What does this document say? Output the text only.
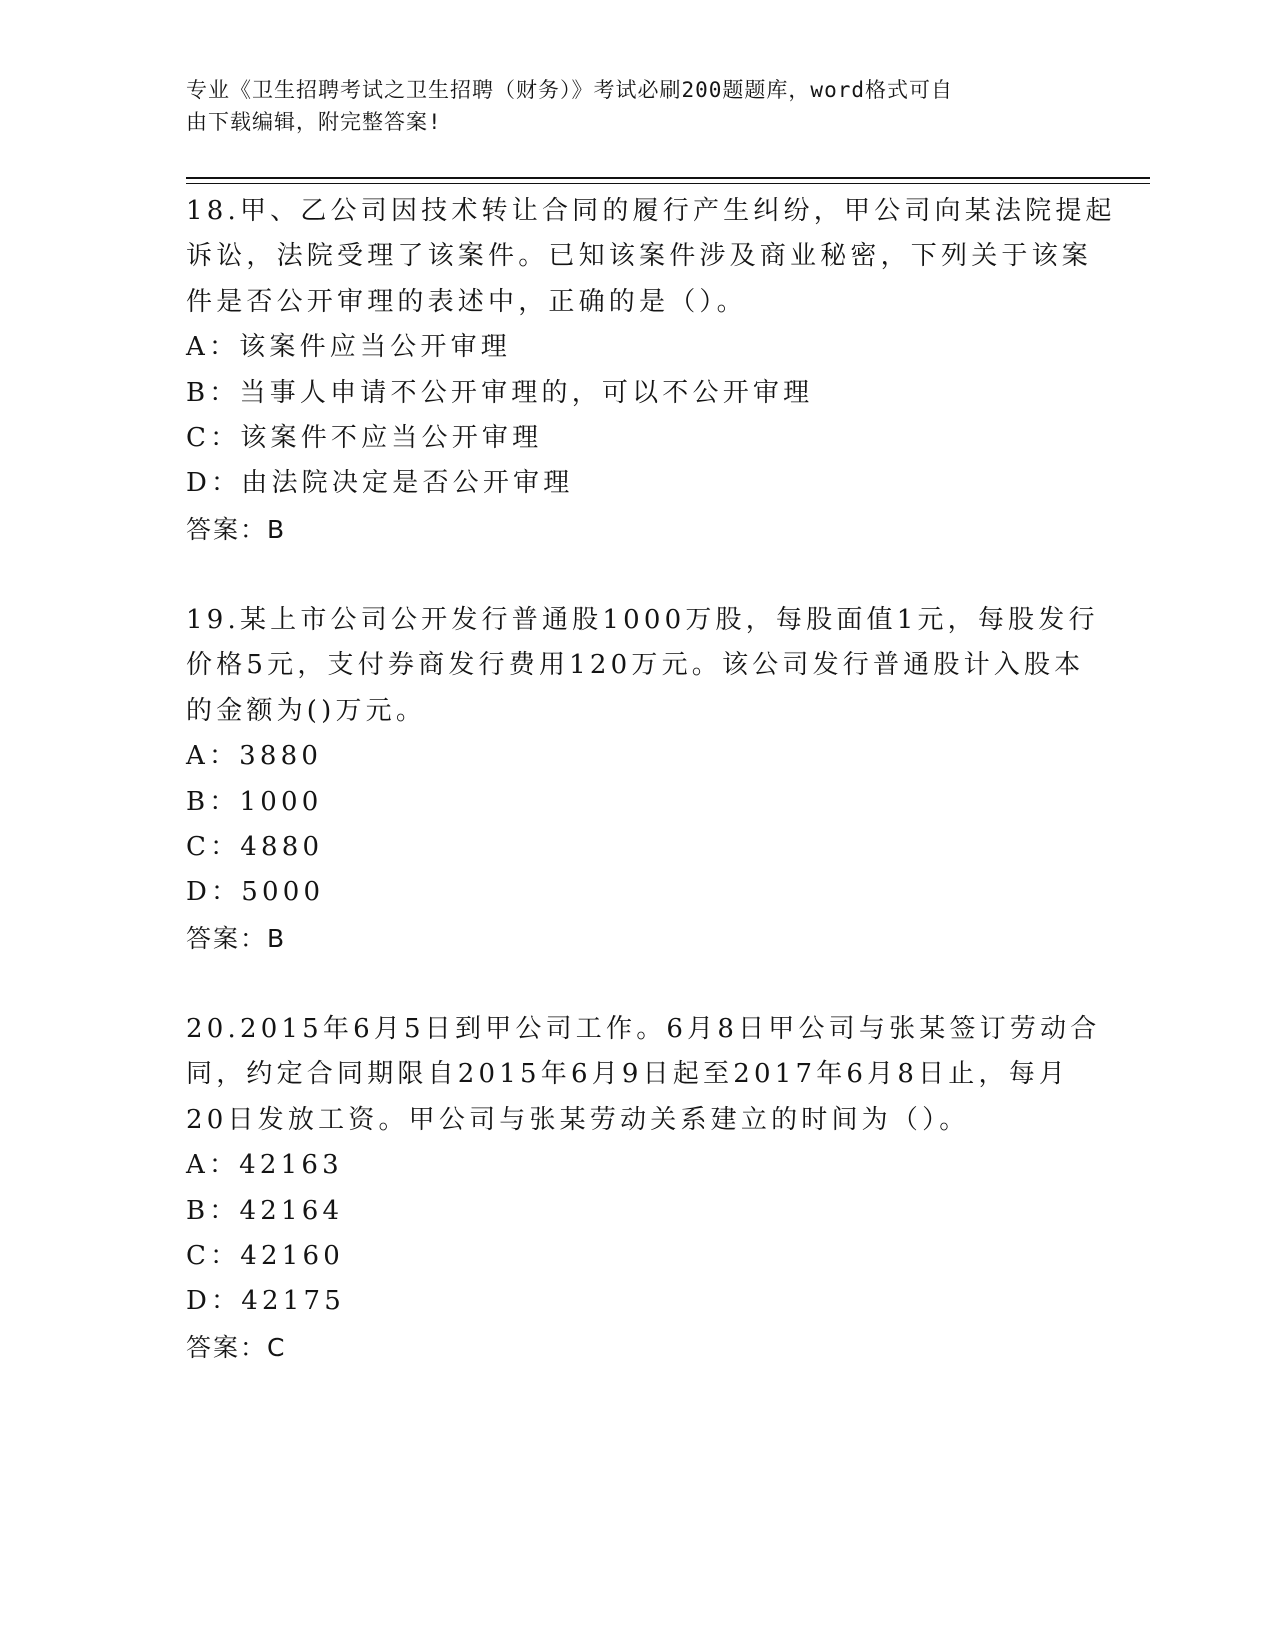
专业《卫生招聘考试之卫生招聘（财务）》考试必刷200题题库，word格式可自
由下载编辑，附完整答案!
18.甲、乙公司因技术转让合同的履行产生纠纷，甲公司向某法院提起
诉讼，法院受理了该案件。已知该案件涉及商业秘密，下列关于该案
件是否公开审理的表述中，正确的是（）。
A：该案件应当公开审理
B：当事人申请不公开审理的，可以不公开审理
C：该案件不应当公开审理
D：由法院决定是否公开审理
答案：B
19.某上市公司公开发行普通股1000万股，每股面值1元，每股发行
价格5元，支付券商发行费用120万元。该公司发行普通股计入股本
的金额为()万元。
A：3880
B：1000
C：4880
D：5000
答案：B
20.2015年6月5日到甲公司工作。6月8日甲公司与张某签订劳动合
同，约定合同期限自2015年6月9日起至2017年6月8日止，每月
20日发放工资。甲公司与张某劳动关系建立的时间为（）。
A：42163
B：42164
C：42160
D：42175
答案：C
